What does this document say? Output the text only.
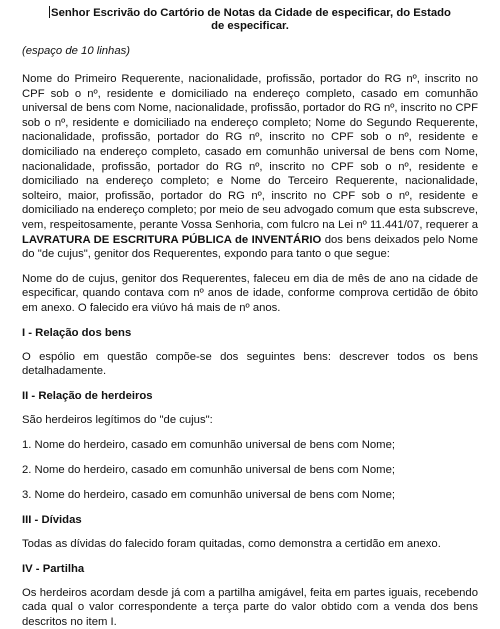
Senhor Escrivão do Cartório de Notas da Cidade de especificar, do Estado
de especificar.
(espaço de 10 linhas)

Nome do Primeiro Requerente, nacionalidade, profissão, portador do RG nº, inscrito no CPF sob o nº, residente e domiciliado na endereço completo, casado em comunhão universal de bens com Nome, nacionalidade, profissão, portador do RG nº, inscrito no CPF sob o nº, residente e domiciliado na endereço completo; Nome do Segundo Requerente, nacionalidade, profissão, portador do RG nº, inscrito no CPF sob o nº, residente e domiciliado na endereço completo, casado em comunhão universal de bens com Nome, nacionalidade, profissão, portador do RG nº, inscrito no CPF sob o nº, residente e domiciliado na endereço completo; e Nome do Terceiro Requerente, nacionalidade, solteiro, maior, profissão, portador do RG nº, inscrito no CPF sob o nº, residente e domiciliado na endereço completo; por meio de seu advogado comum que esta subscreve, vem, respeitosamente, perante Vossa Senhoria, com fulcro na Lei nº 11.441/07, requerer a LAVRATURA DE ESCRITURA PÚBLICA de INVENTÁRIO dos bens deixados pelo Nome do "de cujus", genitor dos Requerentes, expondo para tanto o que segue:

Nome do de cujus, genitor dos Requerentes, faleceu em dia de mês de ano na cidade de especificar, quando contava com nº anos de idade, conforme comprova certidão de óbito em anexo. O falecido era viúvo há mais de nº anos.

I - Relação dos bens

O espólio em questão compõe-se dos seguintes bens: descrever todos os bens detalhadamente.

II - Relação de herdeiros

São herdeiros legítimos do "de cujus":

1. Nome do herdeiro, casado em comunhão universal de bens com Nome;

2. Nome do herdeiro, casado em comunhão universal de bens com Nome;

3. Nome do herdeiro, casado em comunhão universal de bens com Nome;

III - Dívidas

Todas as dívidas do falecido foram quitadas, como demonstra a certidão em anexo.

IV - Partilha

Os herdeiros acordam desde já com a partilha amigável, feita em partes iguais, recebendo cada qual o valor correspondente a terça parte do valor obtido com a venda dos bens descritos no item I.
